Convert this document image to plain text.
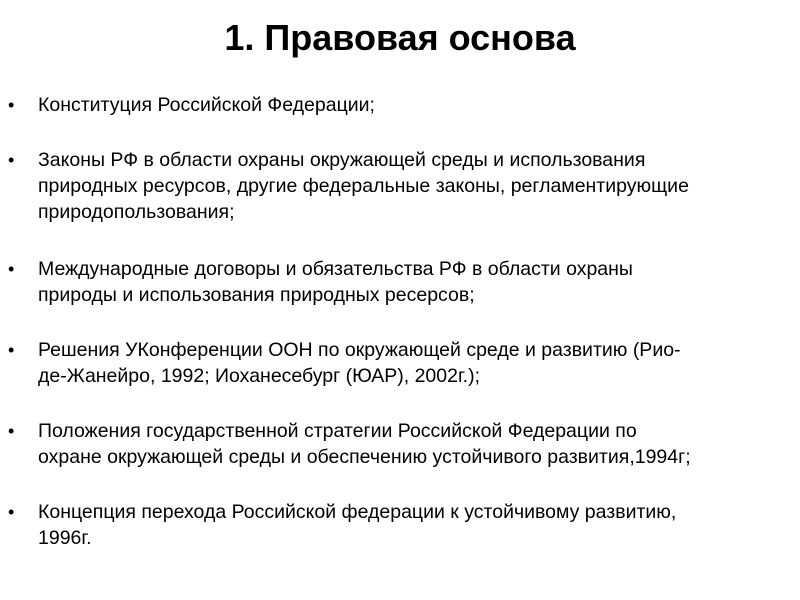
1. Правовая основа
• Конституция Российской Федерации;
• Законы РФ в области охраны окружающей среды и использования
природных ресурсов, другие федеральные законы, регламентирующие
природопользования;
• Международные договоры и обязательства РФ в области охраны
природы и использования природных ресерсов;
• Решения УКонференции ООН по окружающей среде и развитию (Рио-
де-Жанейро, 1992; Иоханесебург (ЮАР), 2002г.);
• Положения государственной стратегии Российской Федерации по
охране окружающей среды и обеспечению устойчивого развития,1994г;
• Концепция перехода Российской федерации к устойчивому развитию,
1996г.
